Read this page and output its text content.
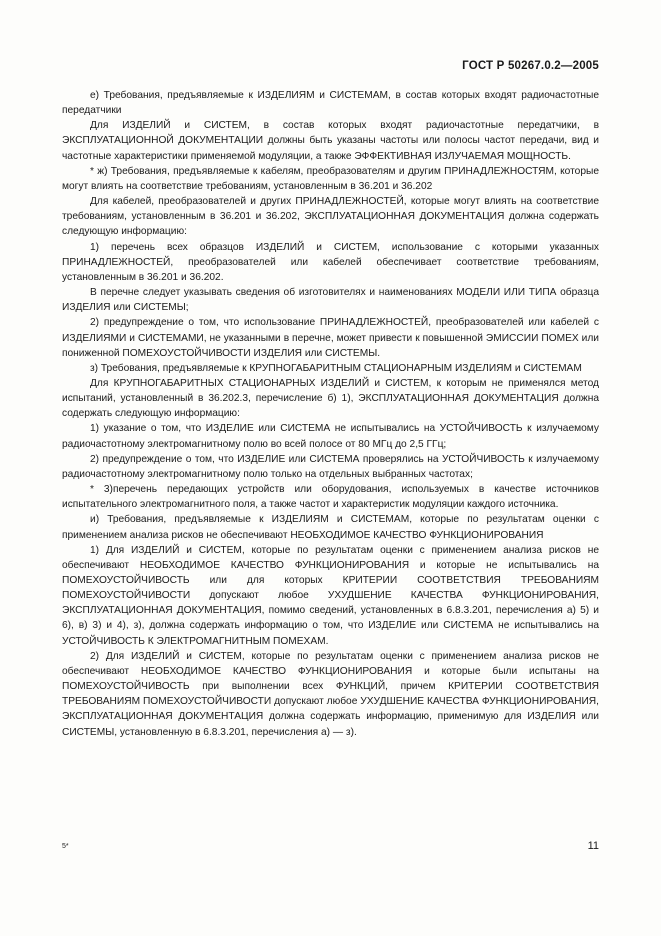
ГОСТ Р 50267.0.2—2005

е) Требования, предъявляемые к ИЗДЕЛИЯМ и СИСТЕМАМ, в состав которых входят радиочастотные передатчики

Для ИЗДЕЛИЙ и СИСТЕМ, в состав которых входят радиочастотные передатчики, в ЭКСПЛУАТАЦИОННОЙ ДОКУМЕНТАЦИИ должны быть указаны частоты или полосы частот передачи, вид и частотные характеристики применяемой модуляции, а также ЭФФЕКТИВНАЯ ИЗЛУЧАЕМАЯ МОЩНОСТЬ.

* ж) Требования, предъявляемые к кабелям, преобразователям и другим ПРИНАДЛЕЖНОСТЯМ, которые могут влиять на соответствие требованиям, установленным в 36.201 и 36.202

Для кабелей, преобразователей и других ПРИНАДЛЕЖНОСТЕЙ, которые могут влиять на соответствие требованиям, установленным в 36.201 и 36.202, ЭКСПЛУАТАЦИОННАЯ ДОКУМЕНТАЦИЯ должна содержать следующую информацию:

1) перечень всех образцов ИЗДЕЛИЙ и СИСТЕМ, использование с которыми указанных ПРИНАДЛЕЖНОСТЕЙ, преобразователей или кабелей обеспечивает соответствие требованиям, установленным в 36.201 и 36.202.

В перечне следует указывать сведения об изготовителях и наименованиях МОДЕЛИ ИЛИ ТИПА образца ИЗДЕЛИЯ или СИСТЕМЫ;

2) предупреждение о том, что использование ПРИНАДЛЕЖНОСТЕЙ, преобразователей или кабелей с ИЗДЕЛИЯМИ и СИСТЕМАМИ, не указанными в перечне, может привести к повышенной ЭМИССИИ ПОМЕХ или пониженной ПОМЕХОУСТОЙЧИВОСТИ ИЗДЕЛИЯ или СИСТЕМЫ.

з) Требования, предъявляемые к КРУПНОГАБАРИТНЫМ СТАЦИОНАРНЫМ ИЗДЕЛИЯМ и СИСТЕМАМ

Для КРУПНОГАБАРИТНЫХ СТАЦИОНАРНЫХ ИЗДЕЛИЙ и СИСТЕМ, к которым не применялся метод испытаний, установленный в 36.202.3, перечисление б) 1), ЭКСПЛУАТАЦИОННАЯ ДОКУМЕНТАЦИЯ должна содержать следующую информацию:

1) указание о том, что ИЗДЕЛИЕ или СИСТЕМА не испытывались на УСТОЙЧИВОСТЬ к излучаемому радиочастотному электромагнитному полю во всей полосе от 80 МГц до 2,5 ГГц;

2) предупреждение о том, что ИЗДЕЛИЕ или СИСТЕМА проверялись на УСТОЙЧИВОСТЬ к излучаемому радиочастотному электромагнитному полю только на отдельных выбранных частотах;

* 3)перечень передающих устройств или оборудования, используемых в качестве источников испытательного электромагнитного поля, а также частот и характеристик модуляции каждого источника.

и) Требования, предъявляемые к ИЗДЕЛИЯМ и СИСТЕМАМ, которые по результатам оценки с применением анализа рисков не обеспечивают НЕОБХОДИМОЕ КАЧЕСТВО ФУНКЦИОНИРОВАНИЯ

1) Для ИЗДЕЛИЙ и СИСТЕМ, которые по результатам оценки с применением анализа рисков не обеспечивают НЕОБХОДИМОЕ КАЧЕСТВО ФУНКЦИОНИРОВАНИЯ и которые не испытывались на ПОМЕХОУСТОЙЧИВОСТЬ или для которых КРИТЕРИИ СООТВЕТСТВИЯ ТРЕБОВАНИЯМ ПОМЕХОУСТОЙЧИВОСТИ допускают любое УХУДШЕНИЕ КАЧЕСТВА ФУНКЦИОНИРОВАНИЯ, ЭКСПЛУАТАЦИОННАЯ ДОКУМЕНТАЦИЯ, помимо сведений, установленных в 6.8.3.201, перечисления а) 5) и 6), в) 3) и 4), з), должна содержать информацию о том, что ИЗДЕЛИЕ или СИСТЕМА не испытывались на УСТОЙЧИВОСТЬ К ЭЛЕКТРОМАГНИТНЫМ ПОМЕХАМ.

2) Для ИЗДЕЛИЙ и СИСТЕМ, которые по результатам оценки с применением анализа рисков не обеспечивают НЕОБХОДИМОЕ КАЧЕСТВО ФУНКЦИОНИРОВАНИЯ и которые были испытаны на ПОМЕХОУСТОЙЧИВОСТЬ при выполнении всех ФУНКЦИЙ, причем КРИТЕРИИ СООТВЕТСТВИЯ ТРЕБОВАНИЯМ ПОМЕХОУСТОЙЧИВОСТИ допускают любое УХУДШЕНИЕ КАЧЕСТВА ФУНКЦИОНИРОВАНИЯ, ЭКСПЛУАТАЦИОННАЯ ДОКУМЕНТАЦИЯ должна содержать информацию, применимую для ИЗДЕЛИЯ или СИСТЕМЫ, установленную в 6.8.3.201, перечисления а) — з).

5*	11
